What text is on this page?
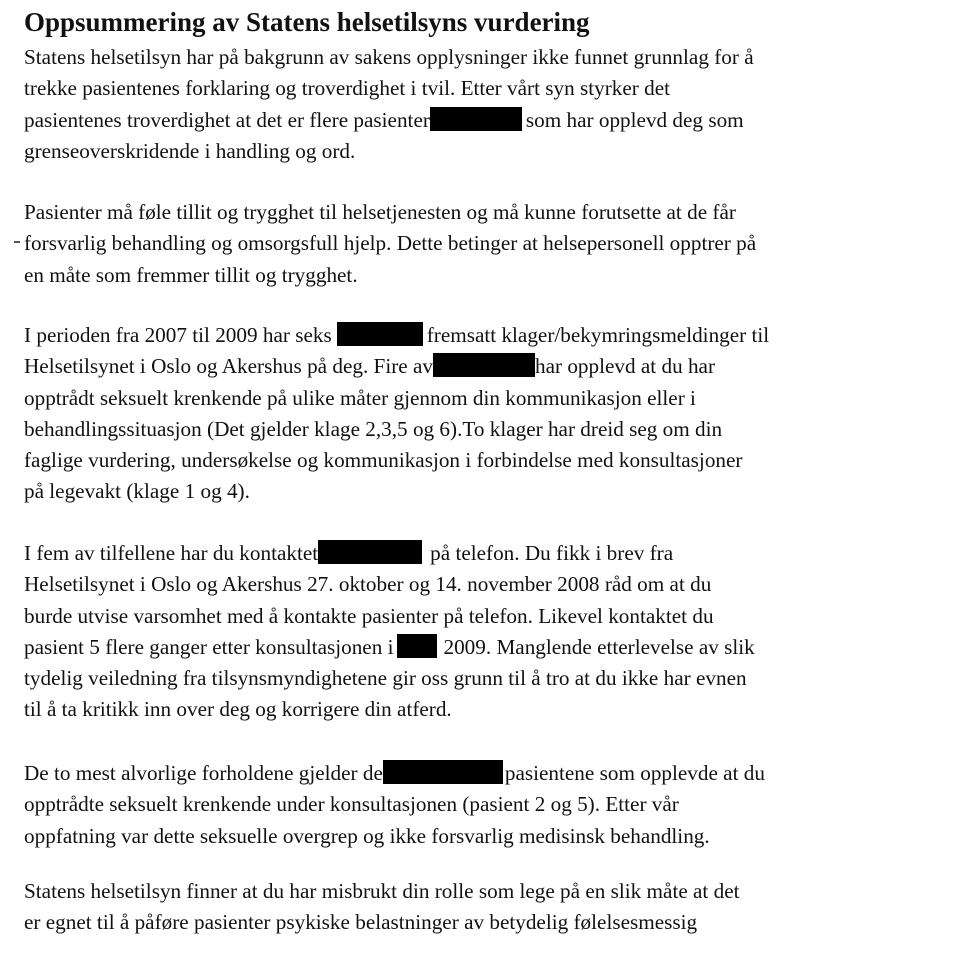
Oppsummering av Statens helsetilsyns vurdering
Statens helsetilsyn har på bakgrunn av sakens opplysninger ikke funnet grunnlag for å
trekke pasientenes forklaring og troverdighet i tvil. Etter vårt syn styrker det
pasientenes troverdighet at det er flere pasienter	som har opplevd deg som
grenseoverskridende i handling og ord.
Pasienter må føle tillit og trygghet til helsetjenesten og må kunne forutsette at de får
forsvarlig behandling og omsorgsfull hjelp. Dette betinger at helsepersonell opptrer på
en måte som fremmer tillit og trygghet.
I perioden fra 2007 til 2009 har seks	fremsatt klager/bekymringsmeldinger til
Helsetilsynet i Oslo og Akershus på deg. Fire av	har opplevd at du har
opptrådt seksuelt krenkende på ulike måter gjennom din kommunikasjon eller i
behandlingssituasjon (Det gjelder klage 2,3,5 og 6).To klager har dreid seg om din
faglige vurdering, undersøkelse og kommunikasjon i forbindelse med konsultasjoner
på legevakt (klage 1 og 4).
I fem av tilfellene har du kontaktet	på telefon. Du fikk i brev fra
Helsetilsynet i Oslo og Akershus 27. oktober og 14. november 2008 råd om at du
burde utvise varsomhet med å kontakte pasienter på telefon. Likevel kontaktet du
pasient 5 flere ganger etter konsultasjonen i 2009. Manglende etterlevelse av slik
tydelig veiledning fra tilsynsmyndighetene gir oss grunn til å tro at du ikke har evnen
til å ta kritikk inn over deg og korrigere din atferd.
De to mest alvorlige forholdene gjelder de	pasientene som opplevde at du
opptrådte seksuelt krenkende under konsultasjonen (pasient 2 og 5). Etter vår
oppfatning var dette seksuelle overgrep og ikke forsvarlig medisinsk behandling.
Statens helsetilsyn finner at du har misbrukt din rolle som lege på en slik måte at det
er egnet til å påføre pasienter psykiske belastninger av betydelig følelsesmessig
